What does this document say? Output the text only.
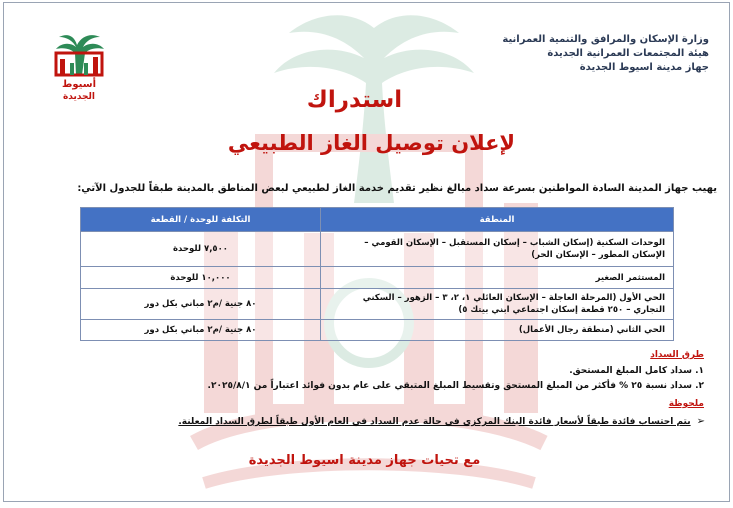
وزارة الإسكان والمرافق والتنمية العمرانية
هيئة المجتمعات العمرانية الجديدة
جهاز مدينة اسيوط الجديدة
أسيوط
الجديدة	استدراك
لإعلان توصيل الغاز الطبيعي
يهيب جهاز المدينة السادة المواطنين بسرعة سداد مبالغ نظير تقديم خدمة الغاز لطبيعي لبعض المناطق بالمدينة طبقاً للجدول الآتي:
المنطقة	التكلفة للوحدة / القطعة
الوحدات السكنية (إسكان الشباب – إسكان المستقبل – الإسكان القومي – الإسكان المطور – الإسكان الحر)	٧,٥٠٠ للوحدة
المستثمر الصغير	١٠,٠٠٠ للوحدة
الحي الأول (المرحلة العاجلة – الإسكان العائلي ١، ٢، ٣ – الزهور – السكني التجاري – ٢٥٠ قطعة إسكان اجتماعي ابني بيتك ٥)	٨٠ جنية /م٢ مباني بكل دور
الحي الثاني (منطقة رجال الأعمال)	٨٠ جنية /م٢ مباني بكل دور
طرق السداد
١. سداد كامل المبلغ المستحق.
٢. سداد نسبة ٢٥ % فأكثر من المبلغ المستحق وتقسيط المبلغ المتبقي على عام بدون فوائد اعتباراً من ٢٠٢٥/٨/١.
ملحوظة
➢يتم احتساب فائدة طبقاً لأسعار فائدة البنك المركزي في حالة عدم السداد في العام الأول طبقاً لطرق السداد المعلنة.
مع تحيات جهاز مدينة اسيوط الجديدة
